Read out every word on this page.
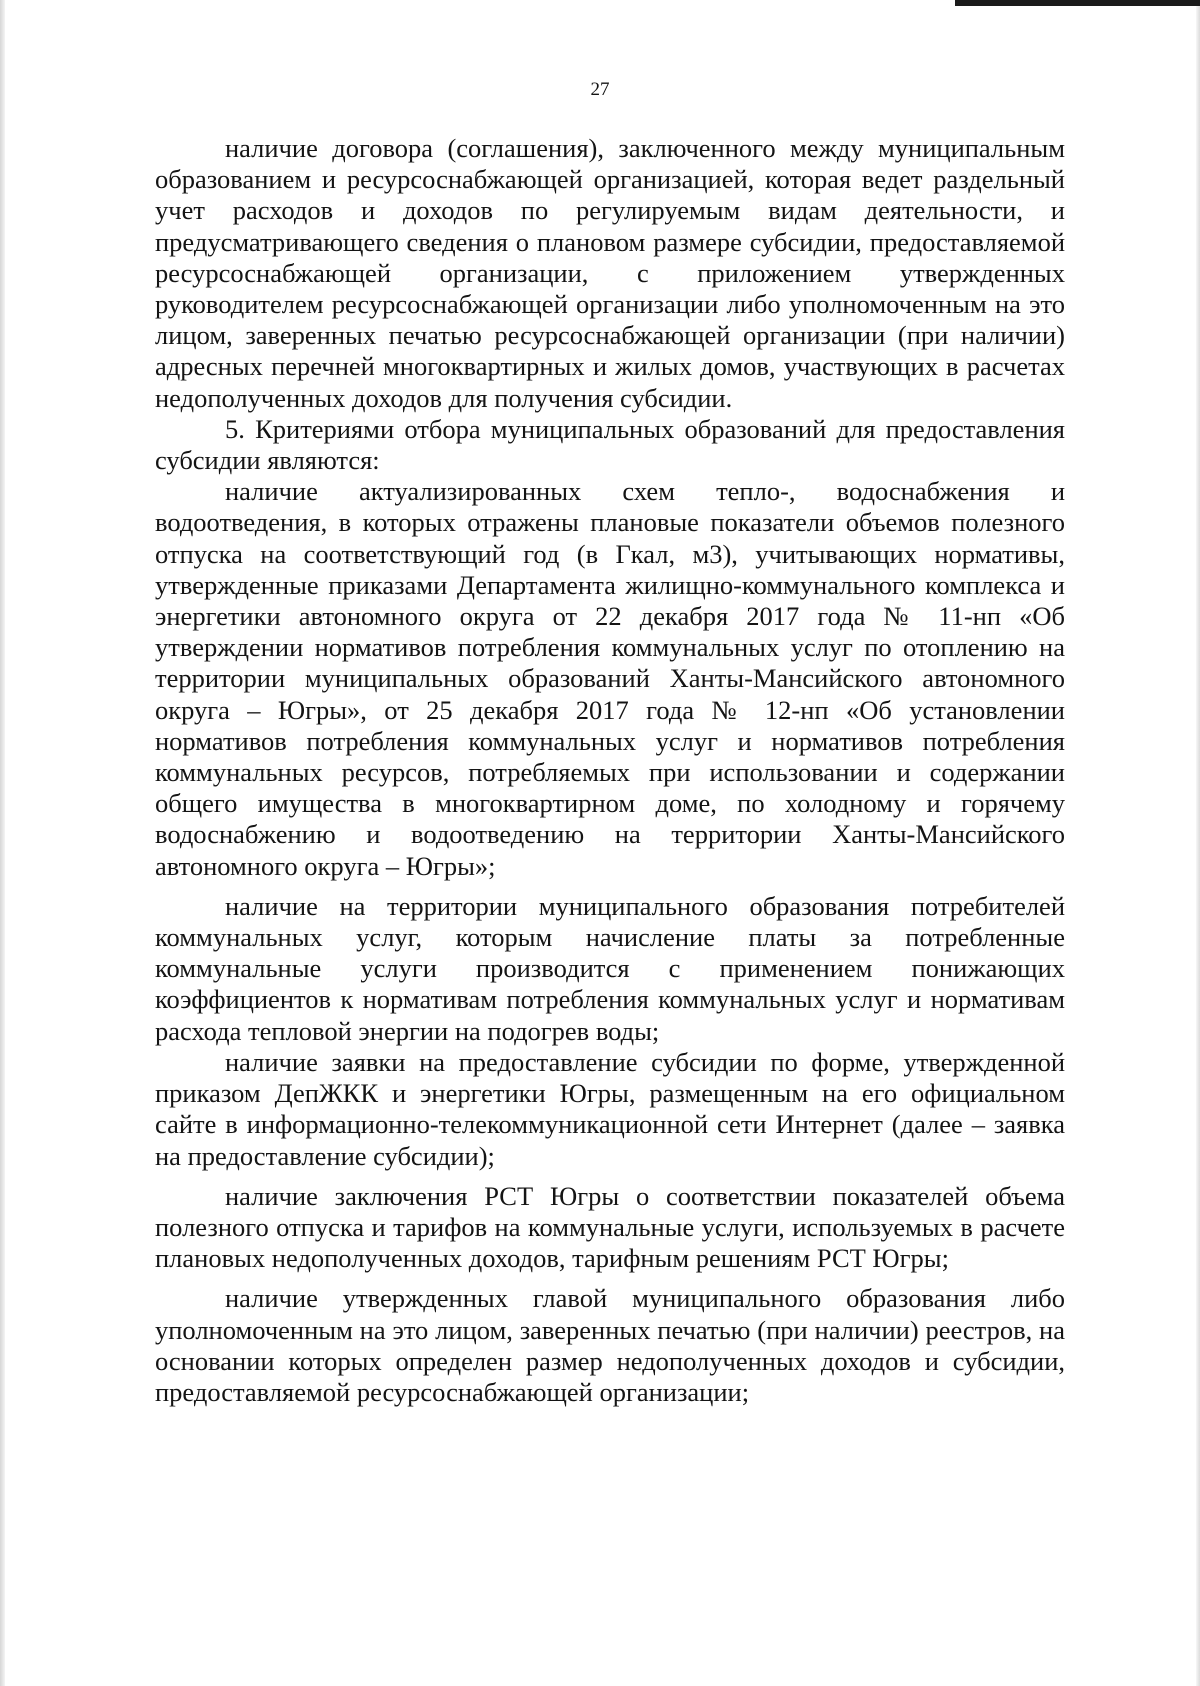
27

наличие договора (соглашения), заключенного между муниципальным образованием и ресурсоснабжающей организацией, которая ведет раздельный учет расходов и доходов по регулируемым видам деятельности, и предусматривающего сведения о плановом размере субсидии, предоставляемой ресурсоснабжающей организации, с приложением утвержденных руководителем ресурсоснабжающей организации либо уполномоченным на это лицом, заверенных печатью ресурсоснабжающей организации (при наличии) адресных перечней многоквартирных и жилых домов, участвующих в расчетах недополученных доходов для получения субсидии.

5. Критериями отбора муниципальных образований для предоставления субсидии являются:

наличие актуализированных схем тепло-, водоснабжения и водоотведения, в которых отражены плановые показатели объемов полезного отпуска на соответствующий год (в Гкал, м3), учитывающих нормативы, утвержденные приказами Департамента жилищно-коммунального комплекса и энергетики автономного округа от 22 декабря 2017 года № 11-нп «Об утверждении нормативов потребления коммунальных услуг по отоплению на территории муниципальных образований Ханты-Мансийского автономного округа – Югры», от 25 декабря 2017 года № 12-нп «Об установлении нормативов потребления коммунальных услуг и нормативов потребления коммунальных ресурсов, потребляемых при использовании и содержании общего имущества в многоквартирном доме, по холодному и горячему водоснабжению и водоотведению на территории Ханты-Мансийского автономного округа – Югры»;

наличие на территории муниципального образования потребителей коммунальных услуг, которым начисление платы за потребленные коммунальные услуги производится с применением понижающих коэффициентов к нормативам потребления коммунальных услуг и нормативам расхода тепловой энергии на подогрев воды;

наличие заявки на предоставление субсидии по форме, утвержденной приказом ДепЖКК и энергетики Югры, размещенным на его официальном сайте в информационно-телекоммуникационной сети Интернет (далее – заявка на предоставление субсидии);

наличие заключения РСТ Югры о соответствии показателей объема полезного отпуска и тарифов на коммунальные услуги, используемых в расчете плановых недополученных доходов, тарифным решениям РСТ Югры;

наличие утвержденных главой муниципального образования либо уполномоченным на это лицом, заверенных печатью (при наличии) реестров, на основании которых определен размер недополученных доходов и субсидии, предоставляемой ресурсоснабжающей организации;
